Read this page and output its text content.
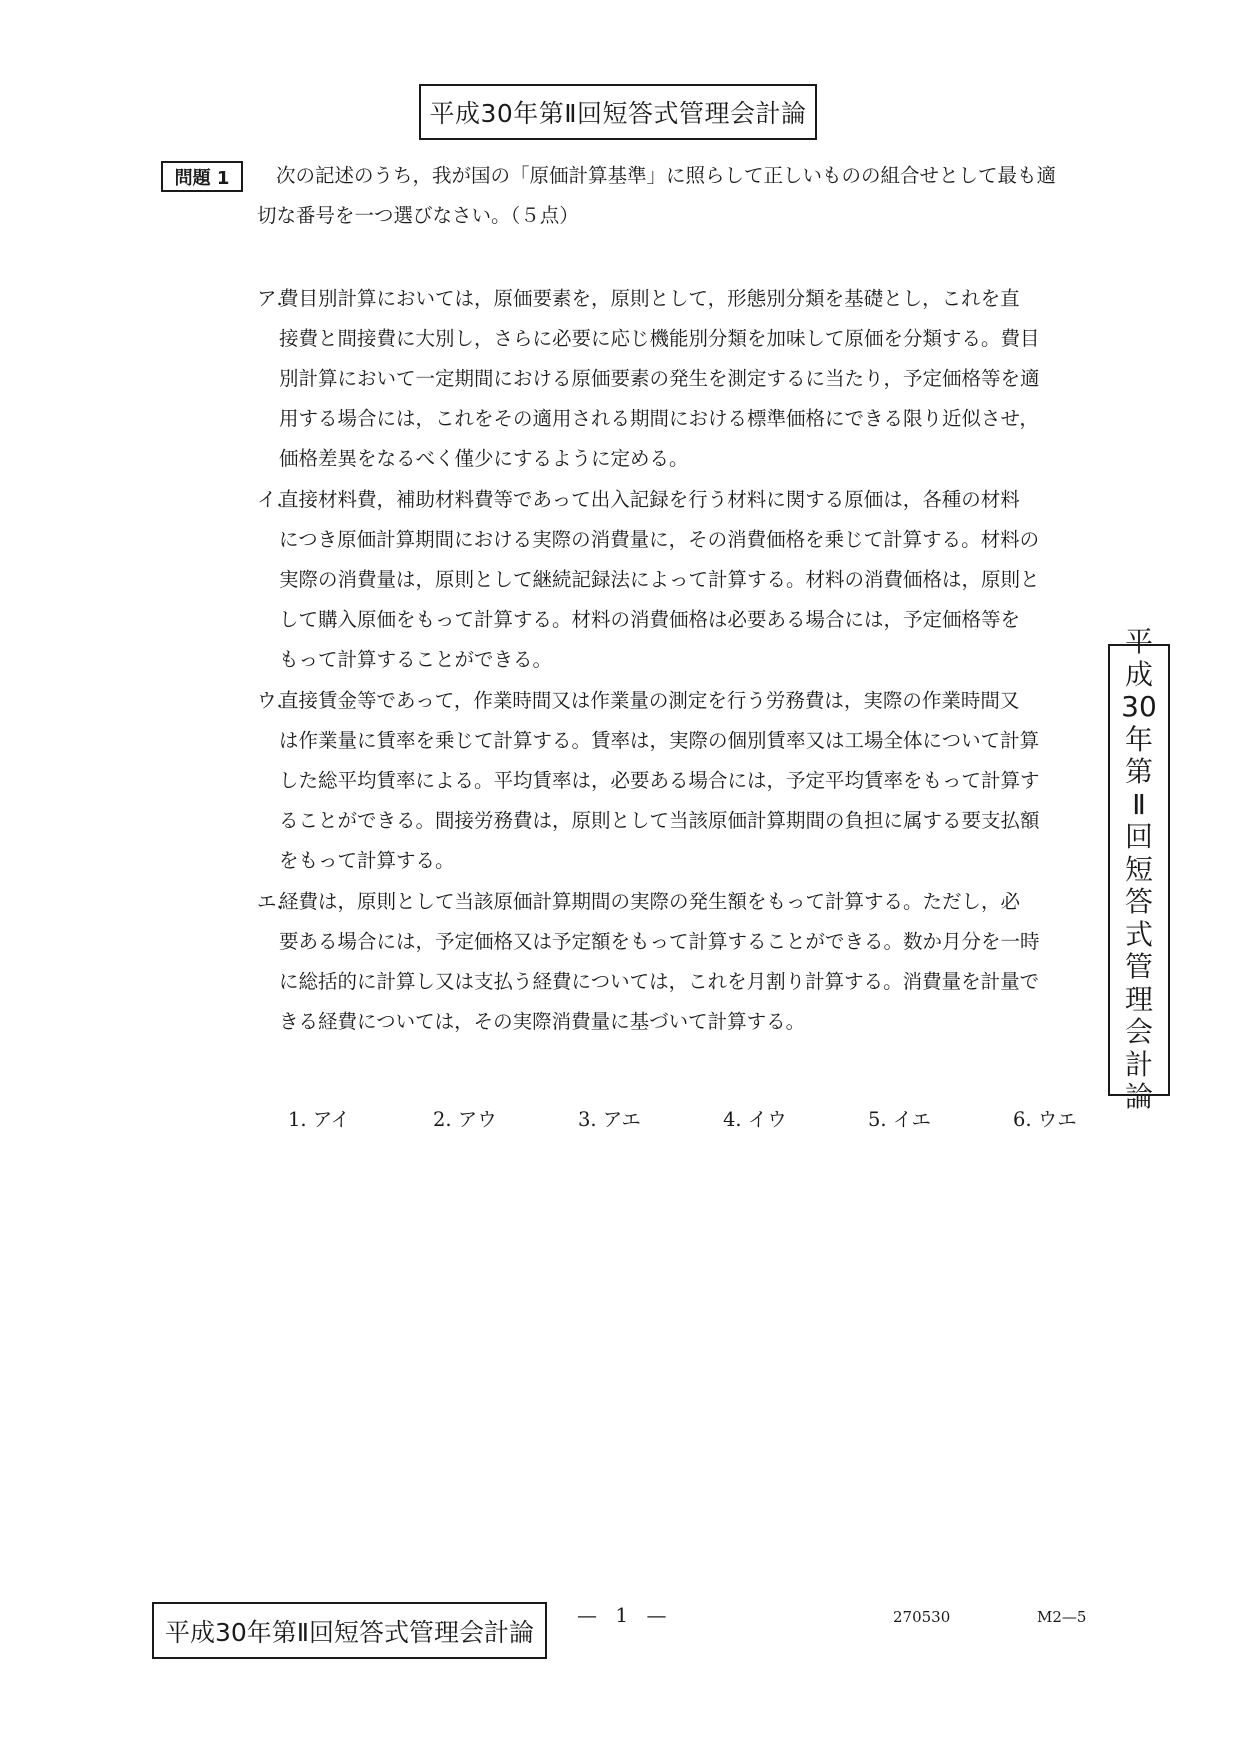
平成30年第Ⅱ回短答式管理会計論
問題 1	次の記述のうち，我が国の「原価計算基準」に照らして正しいものの組合せとして最も適
切な番号を一つ選びなさい。（５点）
ア.
費目別計算においては，原価要素を，原則として，形態別分類を基礎とし，これを直
接費と間接費に大別し，さらに必要に応じ機能別分類を加味して原価を分類する。費目
別計算において一定期間における原価要素の発生を測定するに当たり，予定価格等を適
用する場合には，これをその適用される期間における標準価格にできる限り近似させ，
価格差異をなるべく僅少にするように定める。
イ.
直接材料費，補助材料費等であって出入記録を行う材料に関する原価は，各種の材料
につき原価計算期間における実際の消費量に，その消費価格を乗じて計算する。材料の
実際の消費量は，原則として継続記録法によって計算する。材料の消費価格は，原則と
して購入原価をもって計算する。材料の消費価格は必要ある場合には，予定価格等を
もって計算することができる。
ウ.
直接賃金等であって，作業時間又は作業量の測定を行う労務費は，実際の作業時間又
は作業量に賃率を乗じて計算する。賃率は，実際の個別賃率又は工場全体について計算
した総平均賃率による。平均賃率は，必要ある場合には，予定平均賃率をもって計算す
ることができる。間接労務費は，原則として当該原価計算期間の負担に属する要支払額
をもって計算する。
エ.
経費は，原則として当該原価計算期間の実際の発生額をもって計算する。ただし，必
要ある場合には，予定価格又は予定額をもって計算することができる。数か月分を一時
に総括的に計算し又は支払う経費については，これを月割り計算する。消費量を計量で
きる経費については，その実際消費量に基づいて計算する。
1. アイ	2. アウ	3. アエ	4. イウ	5. イエ	6. ウエ
平
成
30
年
第
Ⅱ
回
短
答
式
管
理
会
計
論
平成30年第Ⅱ回短答式管理会計論
— 1 —	270530	M2—5
